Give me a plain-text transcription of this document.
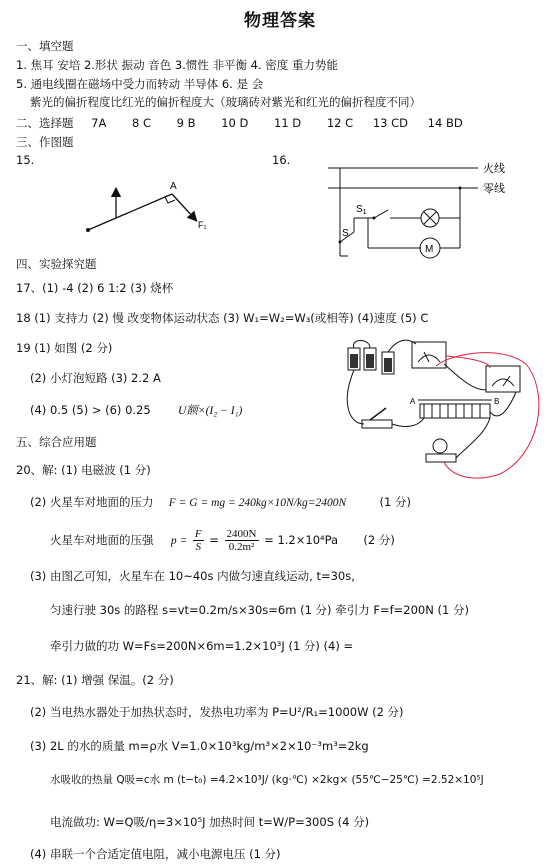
物理答案
一、填空题
1. 焦耳 安培 2.形状 振动 音色 3.惯性 非平衡 4. 密度 重力势能
5. 通电线圈在磁场中受力而转动 半导体 6. 是 会
紫光的偏折程度比红光的偏折程度大（玻璃砖对紫光和红光的偏折程度不同）
二、选择题 7A 8 C 9 B 10 D 11 D 12 C 13 CD 14 BD
三、作图题
15.	16.
A
F₁
火线
零线
S
$S_1$
M
四、实验探究题
17、(1) -4 (2) 6 1:2 (3) 烧杯
18 (1) 支持力 (2) 慢 改变物体运动状态 (3) W₁=W₂=W₃(或相等) (4)速度 (5) C
19 (1) 如图 (2 分)
(2) 小灯泡短路 (3) 2.2 A
(4) 0.5 (5) > (6) 0.25 U额×(I₂ − I₁)
A	B
五、综合应用题
20、解: (1) 电磁波 (1 分)
(2) 火星车对地面的压力 F = G = mg = 240kg×10N/kg=2400N	(1 分)
火星车对地面的压强 $p = \frac{F}{S} = \frac{2400N}{\text{0.2m²}} = 1.2\times 10^4Pa$ (2 分)
(3) 由图乙可知，火星车在 10~40s 内做匀速直线运动, t=30s,
匀速行驶 30s 的路程 s=vt=0.2m/s×30s=6m (1 分) 牵引力 F=f=200N (1 分)
牵引力做的功 W=Fs=200N×6m=1.2×10³J (1 分) (4) =
21、解: (1) 增强 保温。(2 分)
(2) 当电热水器处于加热状态时，发热电功率为 P=U²/R₁=1000W (2 分)
(3) 2L 的水的质量 m=ρ水 V=1.0×10³kg/m³×2×10⁻³m³=2kg
水吸收的热量 Q吸=c水 m (t−t₀) =4.2×10³J/ (kg·℃) ×2kg× (55℃−25℃) =2.52×10⁵J
电流做功: W=Q吸/η=3×10⁵J 加热时间 t=W/P=300S (4 分)
(4) 串联一个合适定值电阻，减小电源电压 (1 分)
